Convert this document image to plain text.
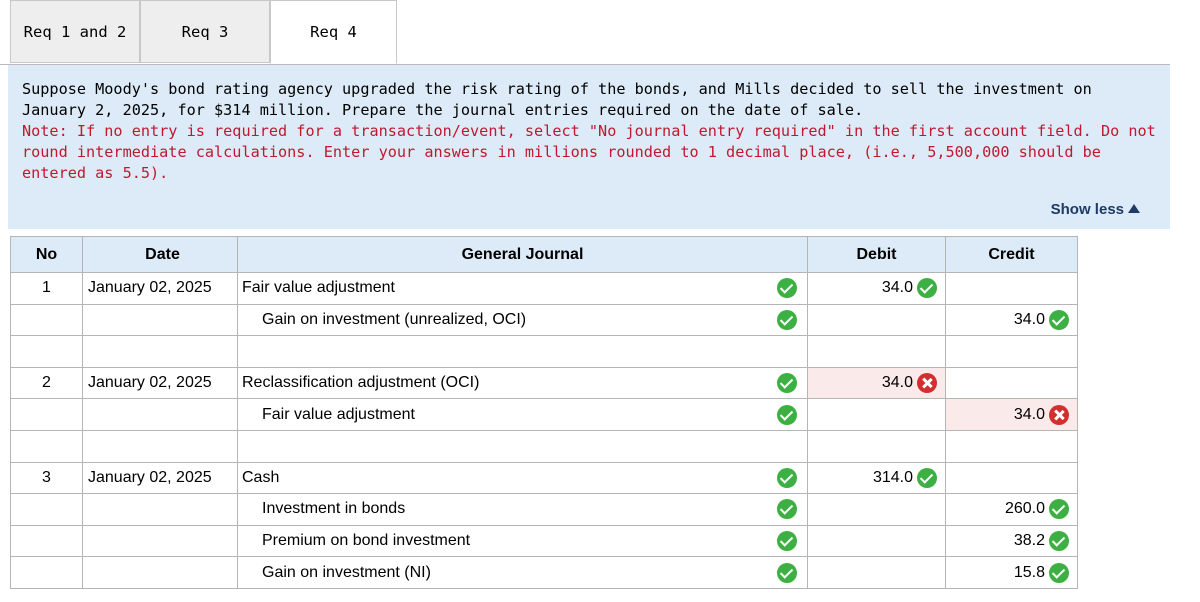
Req 1 and 2	Req 3	Req 4
Suppose Moody's bond rating agency upgraded the risk rating of the bonds, and Mills decided to sell the investment on January 2, 2025, for $314 million. Prepare the journal entries required on the date of sale.
Note: If no entry is required for a transaction/event, select "No journal entry required" in the first account field. Do not round intermediate calculations. Enter your answers in millions rounded to 1 decimal place, (i.e., 5,500,000 should be entered as 5.5).
Show less
No	Date	General Journal	Debit	Credit
1	January 02, 2025	Fair value adjustment	34.0	

		Gain on investment (unrealized, OCI)		34.0

2	January 02, 2025	Reclassification adjustment (OCI)	34.0	

		Fair value adjustment		34.0

3	January 02, 2025	Cash	314.0	

		Investment in bonds		260.0

		Premium on bond investment		38.2

		Gain on investment (NI)		15.8
